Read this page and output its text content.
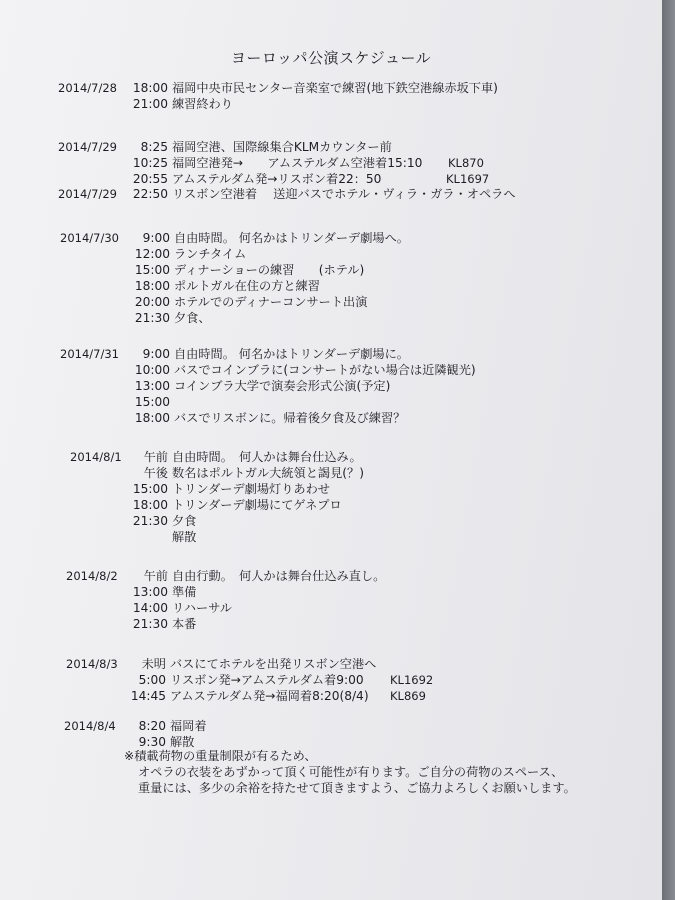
ヨーロッパ公演スケジュール
2014/7/28	18:00 福岡中央市民センター音楽室で練習(地下鉄空港線赤坂下車)
21:00 練習終わり
2014/7/29	8:25 福岡空港、国際線集合KLMカウンター前
10:25 福岡空港発→　　アムステルダム空港着15:10 KL870
20:55 アムステルダム発→リスボン着22：50	KL1697
2014/7/29	22:50 リスボン空港着　 送迎バスでホテル・ヴィラ・ガラ・オペラへ
2014/7/30	9:00 自由時間。 何名かはトリンダーデ劇場へ。
12:00 ランチタイム
15:00 ディナーショーの練習　　(ホテル)
18:00 ポルトガル在住の方と練習
20:00 ホテルでのディナーコンサート出演
21:30 夕食、
2014/7/31	9:00 自由時間。 何名かはトリンダーデ劇場に。
10:00 バスでコインブラに(コンサートがない場合は近隣観光)
13:00 コインブラ大学で演奏会形式公演(予定)
15:00
18:00 バスでリスボンに。帰着後夕食及び練習？
2014/8/1	午前 自由時間。　何人かは舞台仕込み。
午後 数名はポルトガル大統領と謁見(？)
15:00 トリンダーデ劇場灯りあわせ
18:00 トリンダーデ劇場にてゲネプロ
21:30 夕食
解散
2014/8/2	午前 自由行動。　何人かは舞台仕込み直し。
13:00 準備
14:00 リハーサル
21:30 本番
2014/8/3	未明 バスにてホテルを出発リスボン空港へ
5:00 リスボン発→アムステルダム着9:00 KL1692
14:45 アムステルダム発→福岡着8:20(8/4) KL869
2014/8/4	8:20 福岡着
9:30 解散
※積載荷物の重量制限が有るため、
オペラの衣装をあずかって頂く可能性が有ります。ご自分の荷物のスペース、
重量には、多少の余裕を持たせて頂きますよう、ご協力よろしくお願いします。
